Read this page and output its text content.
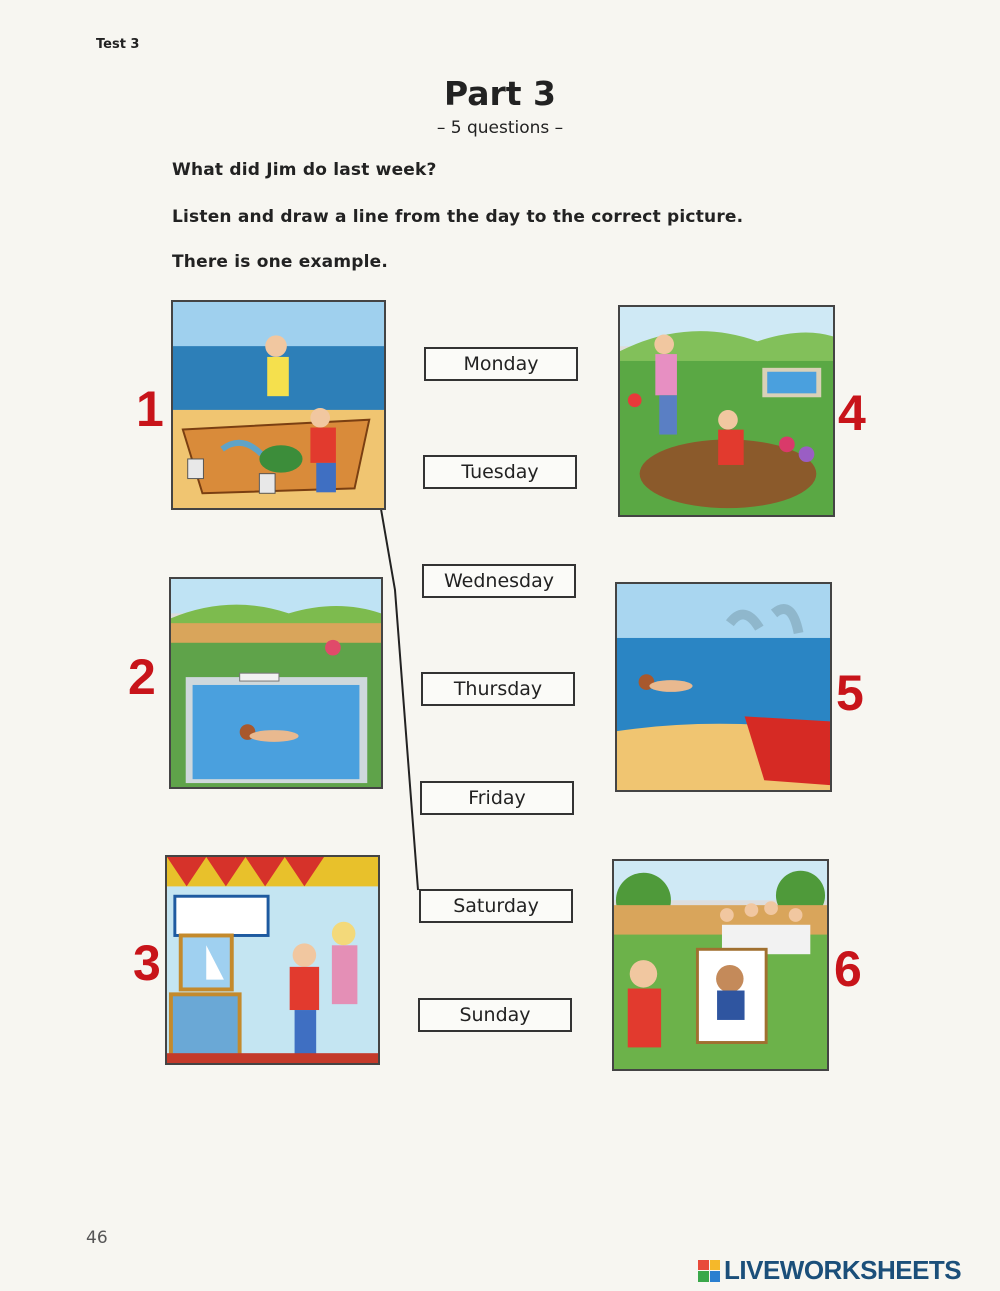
Test 3
Part 3
– 5 questions –
What did Jim do last week?
Listen and draw a line from the day to the correct picture.
There is one example.
Monday
Tuesday
Wednesday
Thursday
Friday
Saturday
Sunday
1
2
3
4
5
6
46
LIVEWORKSHEETS
